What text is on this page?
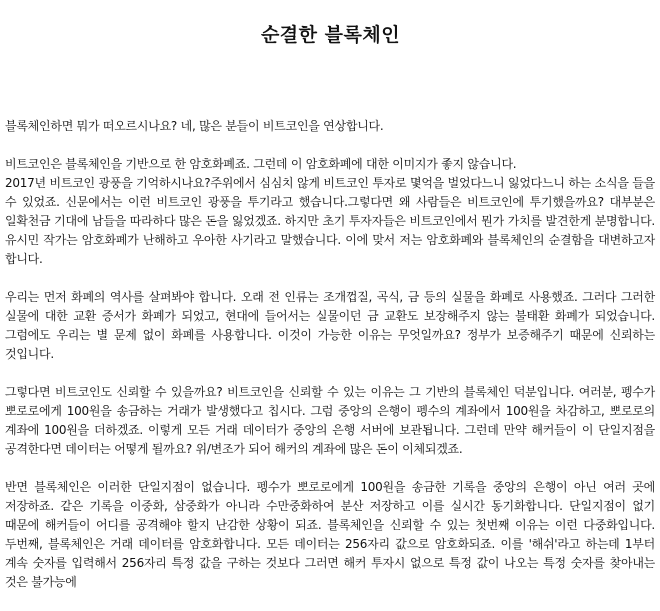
순결한 블록체인

블록체인하면 뭐가 떠오르시나요? 네, 많은 분들이 비트코인을 연상합니다.

비트코인은 블록체인을 기반으로 한 암호화폐죠. 그런데 이 암호화폐에 대한 이미지가 좋지 않습니다.
2017년 비트코인 광풍을 기억하시나요?주위에서 심심치 않게 비트코인 투자로 몇억을 벌었다느니 잃었다느니 하는 소식을 들을 수 있었죠. 신문에서는 이런 비트코인 광풍을 투기라고 했습니다.그렇다면 왜 사람들은 비트코인에 투기했을까요? 대부분은 일확천금 기대에 남들을 따라하다 많은 돈을 잃었겠죠. 하지만 초기 투자자들은 비트코인에서 뭔가 가치를 발견한게 분명합니다. 유시민 작가는 암호화폐가 난해하고 우아한 사기라고 말했습니다. 이에 맞서 저는 암호화폐와 블록체인의 순결함을 대변하고자 합니다.

우리는 먼저 화폐의 역사를 살펴봐야 합니다. 오래 전 인류는 조개껍질, 곡식, 금 등의 실물을 화폐로 사용했죠. 그러다 그러한 실물에 대한 교환 증서가 화폐가 되었고, 현대에 들어서는 실물이던 금 교환도 보장해주지 않는 불태환 화폐가 되었습니다. 그럼에도 우리는 별 문제 없이 화폐를 사용합니다. 이것이 가능한 이유는 무엇일까요? 정부가 보증해주기 때문에 신뢰하는 것입니다.

그렇다면 비트코인도 신뢰할 수 있을까요? 비트코인을 신뢰할 수 있는 이유는 그 기반의 블록체인 덕분입니다. 여러분, 펭수가 뽀로로에게 100원을 송금하는 거래가 발생했다고 칩시다. 그럼 중앙의 은행이 펭수의 계좌에서 100원을 차감하고, 뽀로로의 계좌에 100원을 더하겠죠. 이렇게 모든 거래 데이터가 중앙의 은행 서버에 보관됩니다. 그런데 만약 해커들이 이 단일지점을 공격한다면 데이터는 어떻게 될까요? 위/변조가 되어 해커의 계좌에 많은 돈이 이체되겠죠.

반면 블록체인은 이러한 단일지점이 없습니다. 펭수가 뽀로로에게 100원을 송금한 기록을 중앙의 은행이 아닌 여러 곳에 저장하죠. 같은 기록을 이중화, 삼중화가 아니라 수만중화하여 분산 저장하고 이를 실시간 동기화합니다. 단일지점이 없기 때문에 해커들이 어디를 공격해야 할지 난감한 상황이 되죠. 블록체인을 신뢰할 수 있는 첫번째 이유는 이런 다중화입니다. 두번째, 블록체인은 거래 데이터를 암호화합니다. 모든 데이터는 256자리 값으로 암호화되죠. 이를 '해쉬'라고 하는데 1부터 계속 숫자를 입력해서 256자리 특정 값을 구하는 것보다 그러면 해커 투자시 없으로 특정 값이 나오는 특정 숫자를 찾아내는 것은 불가능에
